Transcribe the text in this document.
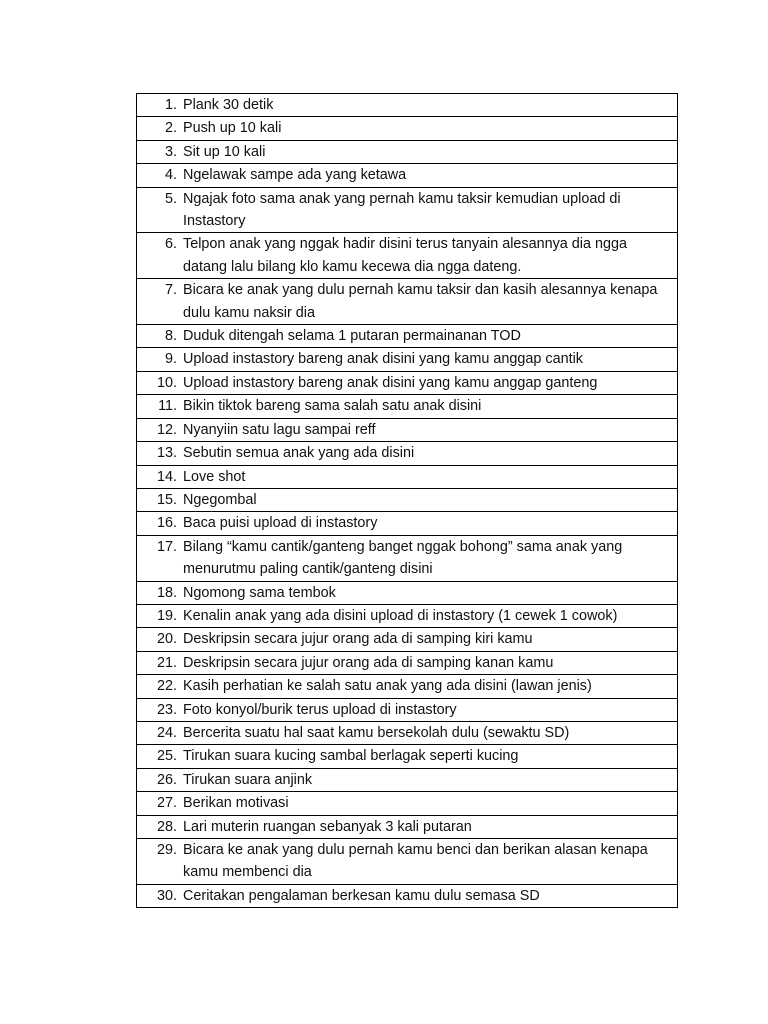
1. Plank 30 detik

2. Push up 10 kali

3. Sit up 10 kali

4. Ngelawak sampe ada yang ketawa

5. Ngajak foto sama anak yang pernah kamu taksir kemudian upload di Instastory

6. Telpon anak yang nggak hadir disini terus tanyain alesannya dia ngga datang lalu bilang klo kamu kecewa dia ngga dateng.

7. Bicara ke anak yang dulu pernah kamu taksir dan kasih alesannya kenapa dulu kamu naksir dia

8. Duduk ditengah selama 1 putaran permainanan TOD

9. Upload instastory bareng anak disini yang kamu anggap cantik

10. Upload instastory bareng anak disini yang kamu anggap ganteng

11. Bikin tiktok bareng sama salah satu anak disini

12. Nyanyiin satu lagu sampai reff

13. Sebutin semua anak yang ada disini

14. Love shot

15. Ngegombal

16. Baca puisi upload di instastory

17. Bilang “kamu cantik/ganteng banget nggak bohong” sama anak yang menurutmu paling cantik/ganteng disini

18. Ngomong sama tembok

19. Kenalin anak yang ada disini upload di instastory (1 cewek 1 cowok)

20. Deskripsin secara jujur orang ada di samping kiri kamu

21. Deskripsin secara jujur orang ada di samping kanan kamu

22. Kasih perhatian ke salah satu anak yang ada disini (lawan jenis)

23. Foto konyol/burik terus upload di instastory

24. Bercerita suatu hal saat kamu bersekolah dulu (sewaktu SD)

25. Tirukan suara kucing sambal berlagak seperti kucing

26. Tirukan suara anjink

27. Berikan motivasi

28. Lari muterin ruangan sebanyak 3 kali putaran

29. Bicara ke anak yang dulu pernah kamu benci dan berikan alasan kenapa kamu membenci dia

30. Ceritakan pengalaman berkesan kamu dulu semasa SD
